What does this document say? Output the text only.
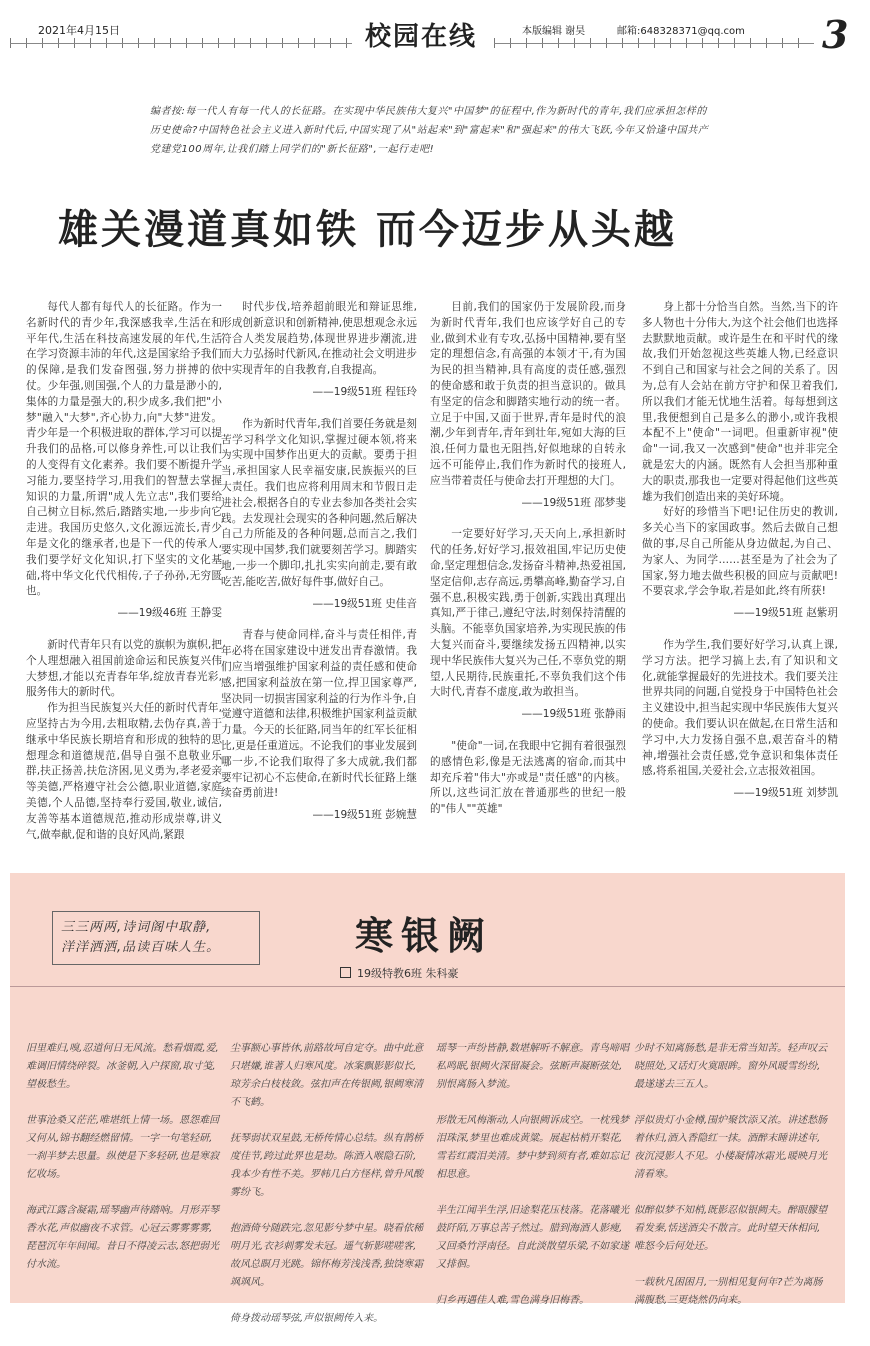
2021年4月15日	校园在线	本版编辑 谢昊	邮箱:648328371@qq.com 3
编者按:每一代人有每一代人的长征路。在实现中华民族伟大复兴"中国梦"的征程中,作为新时代的青年,我们应承担怎样的历史使命?中国特色社会主义进入新时代后,中国实现了从"站起来"到"富起来"和"强起来"的伟大飞跃,今年又恰逢中国共产党建党100周年,让我们踏上同学们的"新长征路",一起行走吧!
雄关漫道真如铁 而今迈步从头越

每代人都有每代人的长征路。作为一名新时代的青少年,我深感我幸,生活在和平年代,生活在科技高速发展的年代,生活在学习资源丰沛的年代,这是国家给予我们的保障,是我们发奋图强,努力拼搏的依仗。少年强,则国强,个人的力量是渺小的,集体的力量是强大的,积少成多,我们把"小梦"融入"大梦",齐心协力,向"大梦"进发。青少年是一个积极进取的群体,学习可以提升我们的品格,可以修身养性,可以让我们的人变得有文化素养。我们要不断提升学习能力,要坚持学习,用我们的智慧去掌握知识的力量,所谓"成人先立志",我们要给自己树立目标,然后,踏踏实地,一步步向它走进。我国历史悠久,文化源远流长,青少年是文化的继承者,也是下一代的传承人,我们要学好文化知识,打下坚实的文化基础,将中华文化代代相传,子子孙孙,无穷匮也。

——19级46班 王静雯

新时代青年只有以党的旗帜为旗帜,把个人理想融入祖国前途命运和民族复兴伟大梦想,才能以充青春年华,绽放青春光彩,服务伟大的新时代。

作为担当民族复兴大任的新时代青年,应坚持古为今用,去粗取精,去伪存真,善于继承中华民族长期培育和形成的独特的思想理念和道德规范,倡导自强不息敬业乐群,扶正扬善,扶危济困,见义勇为,孝老爱亲等美德,严格遵守社会公德,职业道德,家庭美德,个人品德,坚持奉行爱国,敬业,诚信,友善等基本道德规范,推动形成崇尊,讲义气,做奉献,促和谐的良好风尚,紧跟

时代步伐,培养超前眼光和辩证思维,形成创新意识和创新精神,使思想观念永远符合人类发展趋势,体现世界进步潮流,进而大力弘扬时代新风,在推动社会文明进步中实现青年的自我教育,自我提高。

——19级51班 程钰玲

作为新时代青年,我们首要任务就是刻苦学习科学文化知识,掌握过硬本领,将来为实现中国梦作出更大的贡献。要勇于担当,承担国家人民幸福安康,民族振兴的巨大责任。我们也应将利用周末和节假日走进社会,根据各自的专业去参加各类社会实践。去发现社会现实的各种问题,然后解决自己力所能及的各种问题,总而言之,我们要实现中国梦,我们就要刻苦学习。脚踏实地,一步一个脚印,扎扎实实向前走,要有敢吃苦,能吃苦,做好每件事,做好自己。

——19级51班 史佳音

青春与使命同样,奋斗与责任相伴,青年必将在国家建设中迸发出青春激情。我们应当增强维护国家利益的责任感和使命感,把国家利益放在第一位,捍卫国家尊严,坚决同一切损害国家利益的行为作斗争,自觉遵守道德和法律,积极维护国家利益贡献力量。今天的长征路,同当年的红军长征相比,更是任重道远。不论我们的事业发展到哪一步,不论我们取得了多大成就,我们都要牢记初心不忘使命,在新时代长征路上继续奋勇前进!

——19级51班 彭婉慧

目前,我们的国家仍于发展阶段,而身为新时代青年,我们也应该学好自己的专业,做到术业有专攻,弘扬中国精神,要有坚定的理想信念,有高强的本领才干,有为国为民的担当精神,具有高度的责任感,强烈的使命感和敢于负责的担当意识的。做具有坚定的信念和脚踏实地行动的统一者。立足于中国,又面于世界,青年是时代的浪潮,少年到青年,青年到壮年,宛如大海的巨浪,任何力量也无阻挡,好似地球的自转永远不可能停止,我们作为新时代的接班人,应当带着责任与使命去打开理想的大门。

——19级51班 邵梦斐

一定要好好学习,天天向上,承担新时代的任务,好好学习,报效祖国,牢记历史使命,坚定理想信念,发扬奋斗精神,热爱祖国,坚定信仰,志存高远,勇攀高峰,勤奋学习,自强不息,积极实践,勇于创新,实践出真理出真知,严于律己,遵纪守法,时刻保持清醒的头脑。不能辜负国家培养,为实现民族的伟大复兴而奋斗,要继续发扬五四精神,以实现中华民族伟大复兴为己任,不辜负党的期望,人民期待,民族重托,不辜负我们这个伟大时代,青春不虚度,敢为敢担当。

——19级51班 张静雨

"使命"一词,在我眼中它拥有着很强烈的感情色彩,像是无法逃离的宿命,而其中却充斥着"伟大"亦或是"责任感"的内核。所以,这些词汇放在普通那些的世纪一般的"伟人""英雄"

身上都十分恰当自然。当然,当下的许多人物也十分伟大,为这个社会他们也选择去默默地贡献。或许是生在和平时代的缘故,我们开始忽视这些英雄人物,已经意识不到自己和国家与社会之间的关系了。因为,总有人会站在前方守护和保卫着我们,所以我们才能无忧地生活着。每每想到这里,我便想到自己是多么的渺小,或许我根本配不上"使命"一词吧。但重新审视"使命"一词,我又一次感到"使命"也并非完全就是宏大的内涵。既然有人会担当那种重大的职责,那我也一定要对得起他们这些英雄为我们创造出来的美好环境。

好好的珍惜当下吧!记住历史的教训,多关心当下的家国政事。然后去做自己想做的事,尽自己所能从身边做起,为自己、为家人、为同学……甚至是为了社会为了国家,努力地去做些积极的回应与贡献吧!不要哀求,学会争取,若是如此,终有所获!

——19级51班 赵紫玥

作为学生,我们要好好学习,认真上课,学习方法。把学习搞上去,有了知识和文化,就能掌握最好的先进技术。我们要关注世界共同的问题,自觉投身于中国特色社会主义建设中,担当起实现中华民族伟大复兴的使命。我们要认识在做起,在日常生活和学习中,大力发扬自强不息,艰苦奋斗的精神,增强社会责任感,党争意识和集体责任感,将系祖国,关爱社会,立志报效祖国。

——19级51班 刘梦凯

三三两两,诗词阁中取静,
洋洋洒洒,品读百味人生。	寒银阙
19级特教6班 朱科豪

旧里难归,嗅,忍道何日无风流。愁看烟霞,爱,难调旧情绕碎裂。冰釜朝,入户探窗,取寸笺,望极愁生。

世事沧桑又茫茫,唯堪纸上情一场。恩怨难回又何从,锦书翻经燃留情。一字一句笔轻研,一刹半梦去思量。纵使是下多轻研,也是寒寂忆收场。

海武江露含凝霜,瑶琴幽声待踏响。月形弄琴香水花,声似幽夜不求管。心冠云雾雾雾雾,琵琶沉年年间闻。昔日不得凌云志,怒把弱光付水流。

尘事额心事皆休,前路故坷自定夺。曲中此意只堪嫌,谁著人归寒风度。冰案飘影影似长,琼芳余白枝枝敛。弦扣声在传银阙,银阙寒清不飞鹤。

抚琴弱状双星鼓,无桥传情心总结。纵有鹊桥度佳节,跨过此界也是劫。陈酒入喉隐石阶,我本少有性不美。罗帏几白方怪样,曾升风酸雾纷飞。

抱酒倚兮随跌完,忽见影兮梦中星。晓看依稀明月光,衣衫刺雾发未冠。遥气斩影嗟嗟客,故风总瞑月光跳。锦怀梅芳浅浅香,独饶寒霜飒飒风。

倚身拨动瑶琴弦,声似银阙传入来。

瑶琴一声纷皆静,数堪解听不解意。青鸟啼唱私鸣眠,银阙火深留凝会。弦断声凝断弦处,别恨离肠入梦流。

形散无风梅渐动,人向银阙诉成空。一枕残梦泪珠深,梦里也难成黄粱。展起枯梢开梨花,雪若红霞泪美清。梦中梦到须有者,难如忘记相思意。

半生江闻半生浮,旧途梨花压枝落。花落曦光鼓阡陌,万事总苦子然过。腊到海酒人影瘦,又回桑竹浮南径。自此淡散望乐梁,不如家遂又排徊。

归乡再遇佳人难,雪色满身旧梅香。

少时不知离肠愁,是非无常当知苦。轻声叹云晓照处,又话灯火寞眼眸。窗外风暖雪纷纷,最遂遂去三五人。

浮似贵灯小金樽,围炉聚饮添又浓。讲述愁肠着休归,酒入香隐红一抹。酒醉末睡讲述年,夜沉浸影人不见。小楼凝情冰霜光,暖映月光清看寒。

似醉似梦不知梢,既影忍似银阙夫。醉眼朦望看发秦,恬送酒尖不散言。此时望天休相问,唯怒今后何处还。

一载秋凡困困月,一别相见复何年?芒为离肠满腹愁,三更烧然仍向来。
